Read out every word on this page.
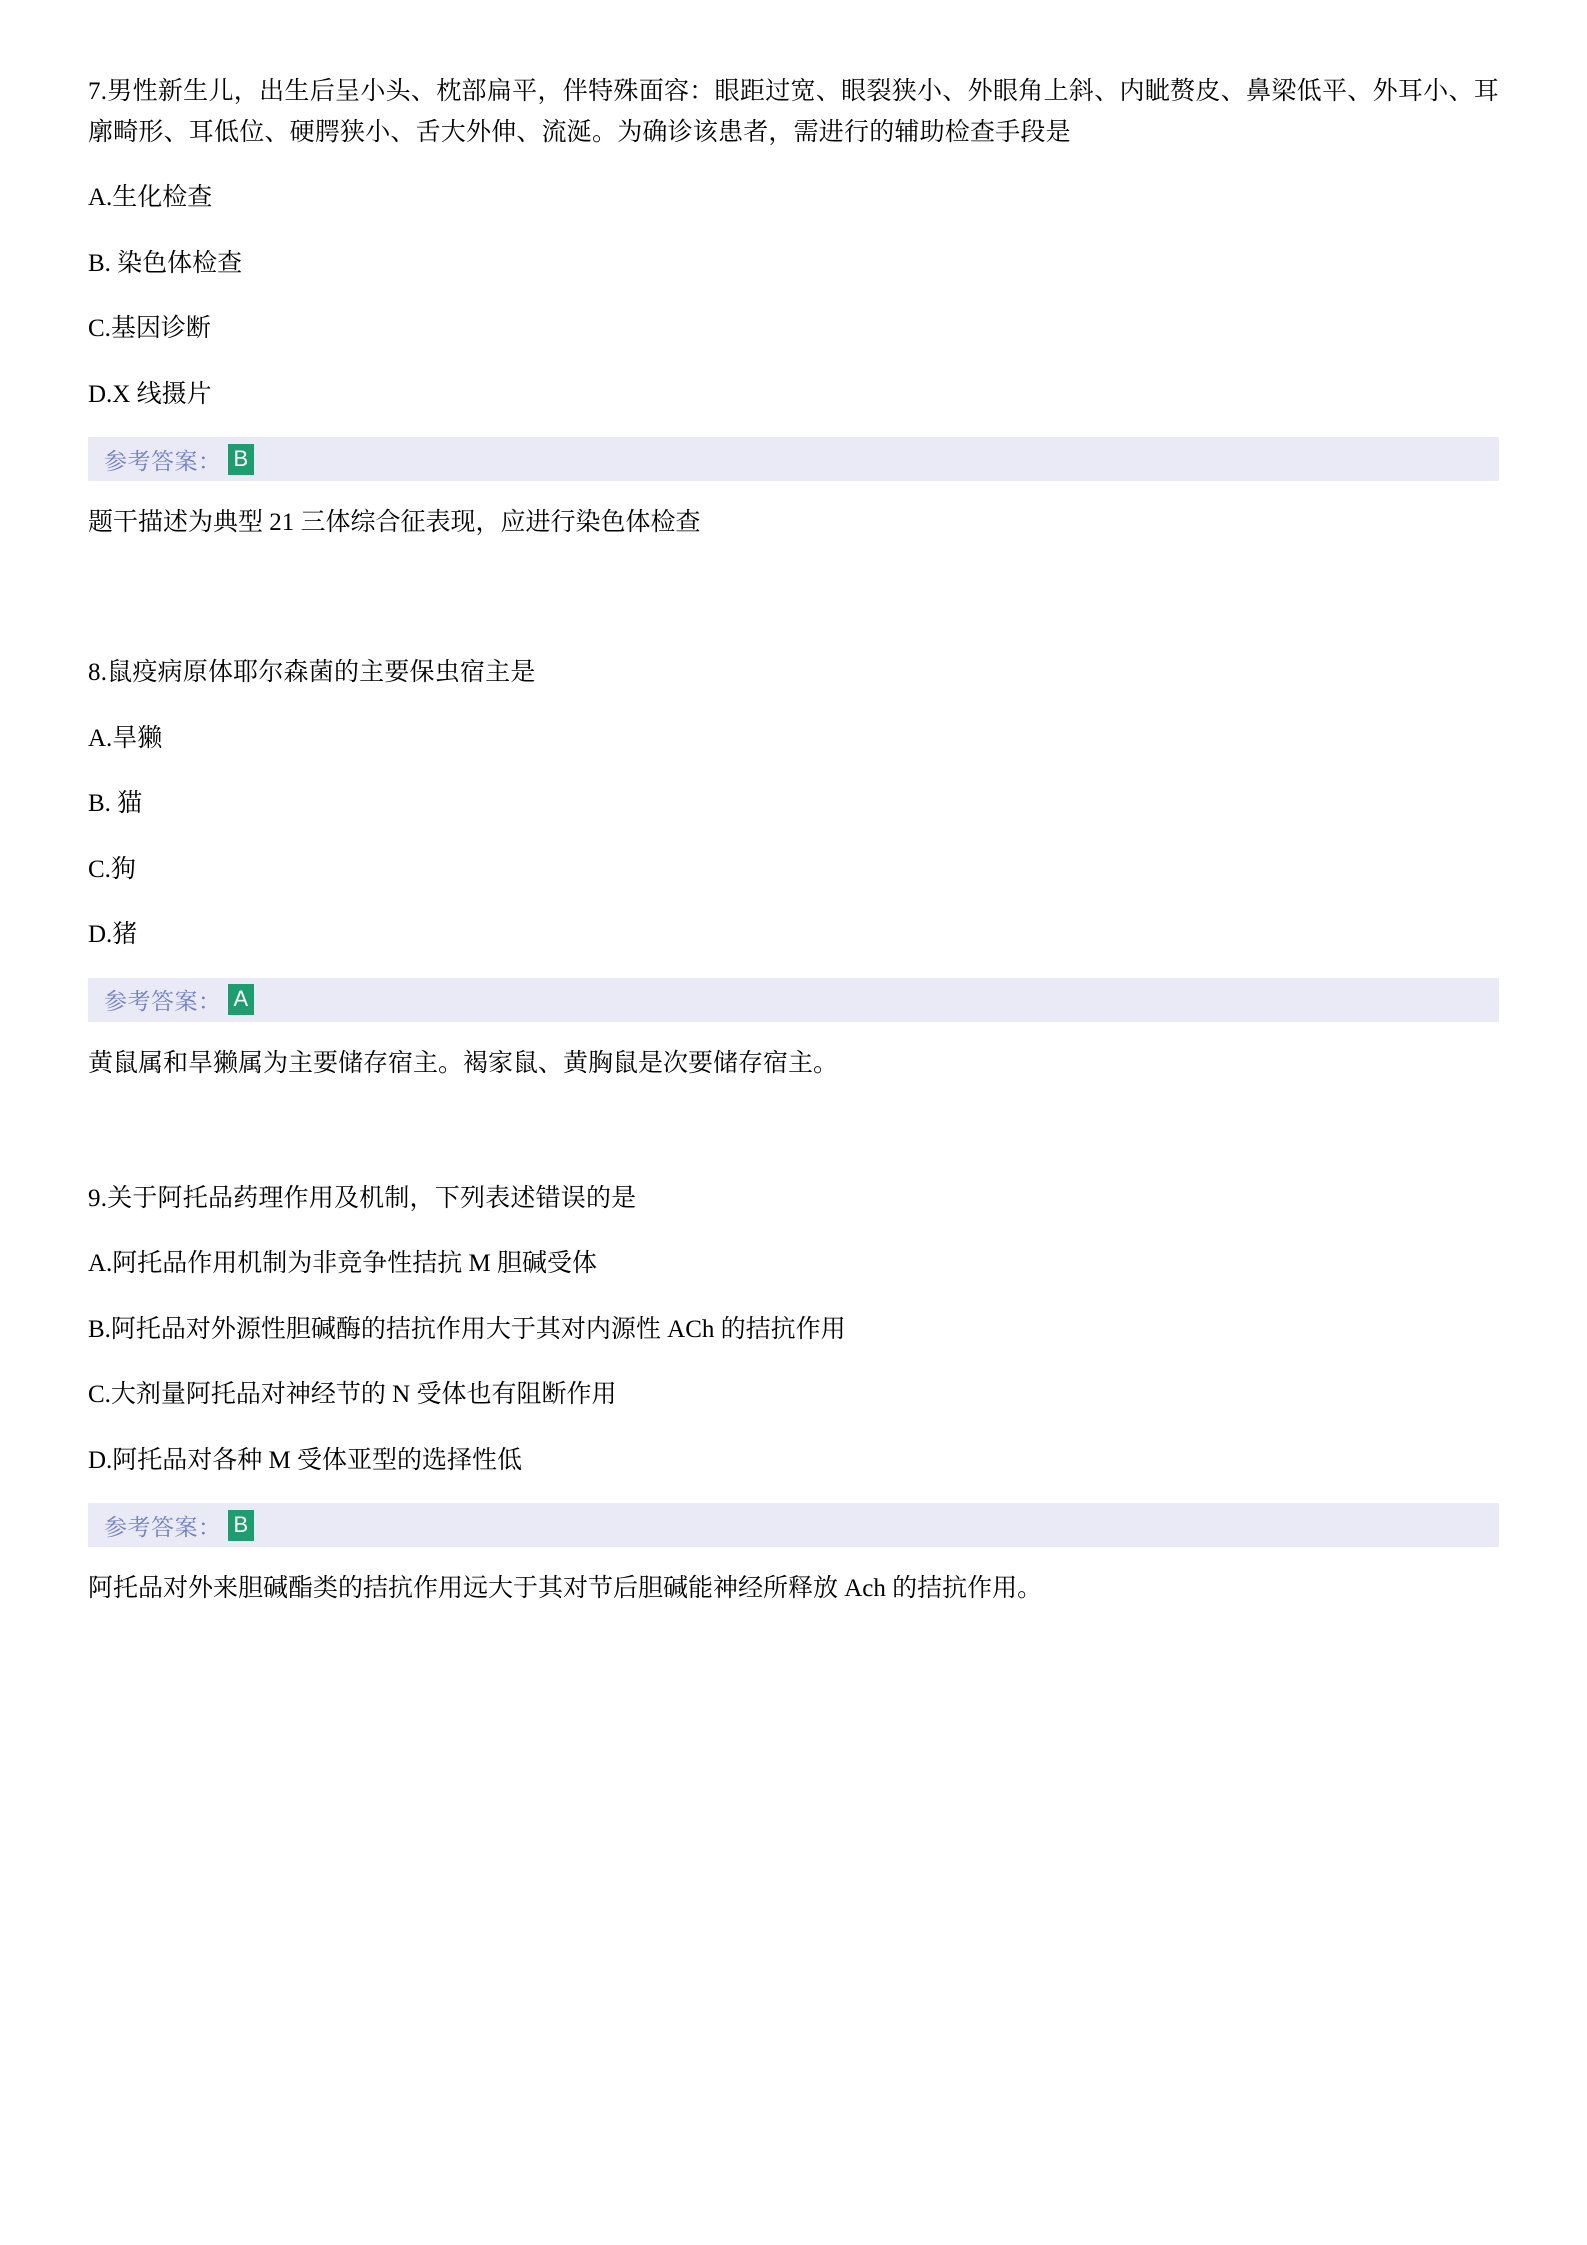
7.男性新生儿，出生后呈小头、枕部扁平，伴特殊面容：眼距过宽、眼裂狭小、外眼角上斜、内眦赘皮、鼻梁低平、外耳小、耳廓畸形、耳低位、硬腭狭小、舌大外伸、流涎。为确诊该患者，需进行的辅助检查手段是

A.生化检查

B. 染色体检查

C.基因诊断

D.X 线摄片

参考答案： B

题干描述为典型 21 三体综合征表现，应进行染色体检查

8.鼠疫病原体耶尔森菌的主要保虫宿主是

A.旱獭

B. 猫

C.狗

D.猪

参考答案： A

黄鼠属和旱獭属为主要储存宿主。褐家鼠、黄胸鼠是次要储存宿主。

9.关于阿托品药理作用及机制，下列表述错误的是

A.阿托品作用机制为非竞争性拮抗 M 胆碱受体

B.阿托品对外源性胆碱酶的拮抗作用大于其对内源性 ACh 的拮抗作用

C.大剂量阿托品对神经节的 N 受体也有阻断作用

D.阿托品对各种 M 受体亚型的选择性低

参考答案： B

阿托品对外来胆碱酯类的拮抗作用远大于其对节后胆碱能神经所释放 Ach 的拮抗作用。
